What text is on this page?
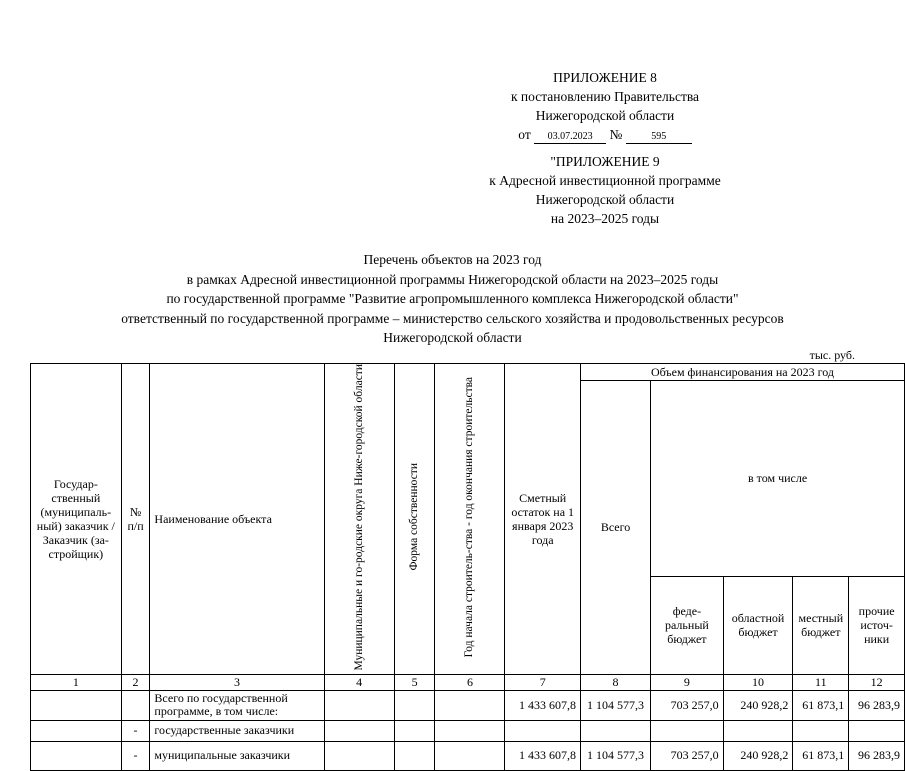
ПРИЛОЖЕНИЕ 8
к постановлению Правительства
Нижегородской области
от 03.07.2023 №	595
"ПРИЛОЖЕНИЕ 9
к Адресной инвестиционной программе
Нижегородской области
на 2023–2025 годы
Перечень объектов на 2023 год
в рамках Адресной инвестиционной программы Нижегородской области на 2023–2025 годы
по государственной программе "Развитие агропромышленного комплекса Нижегородской области"
ответственный по государственной программе – министерство сельского хозяйства и продовольственных ресурсов
Нижегородской области
тыс. руб.
Государ-ственный (муниципаль-ный) заказчик /Заказчик (за-стройщик)	№ п/п	Наименование объекта	Муниципальные и го-родские округа Ниже-городской области	Форма собственности	Год начала строитель-ства - год окончания строительства	Сметный остаток на 1 января 2023 года	Объем финансирования на 2023 год				
							Всего	в том числе			
								феде-ральный бюджет	областной бюджет	местный бюджет	прочие источ-ники
1	2	3	4	5	6	7	8	9	10	11	12
		Всего по государственной программе, в том числе:				1 433 607,8	1 104 577,3	703 257,0	240 928,2	61 873,1	96 283,9
	-	государственные заказчики									
	-	муниципальные заказчики				1 433 607,8	1 104 577,3	703 257,0	240 928,2	61 873,1	96 283,9
